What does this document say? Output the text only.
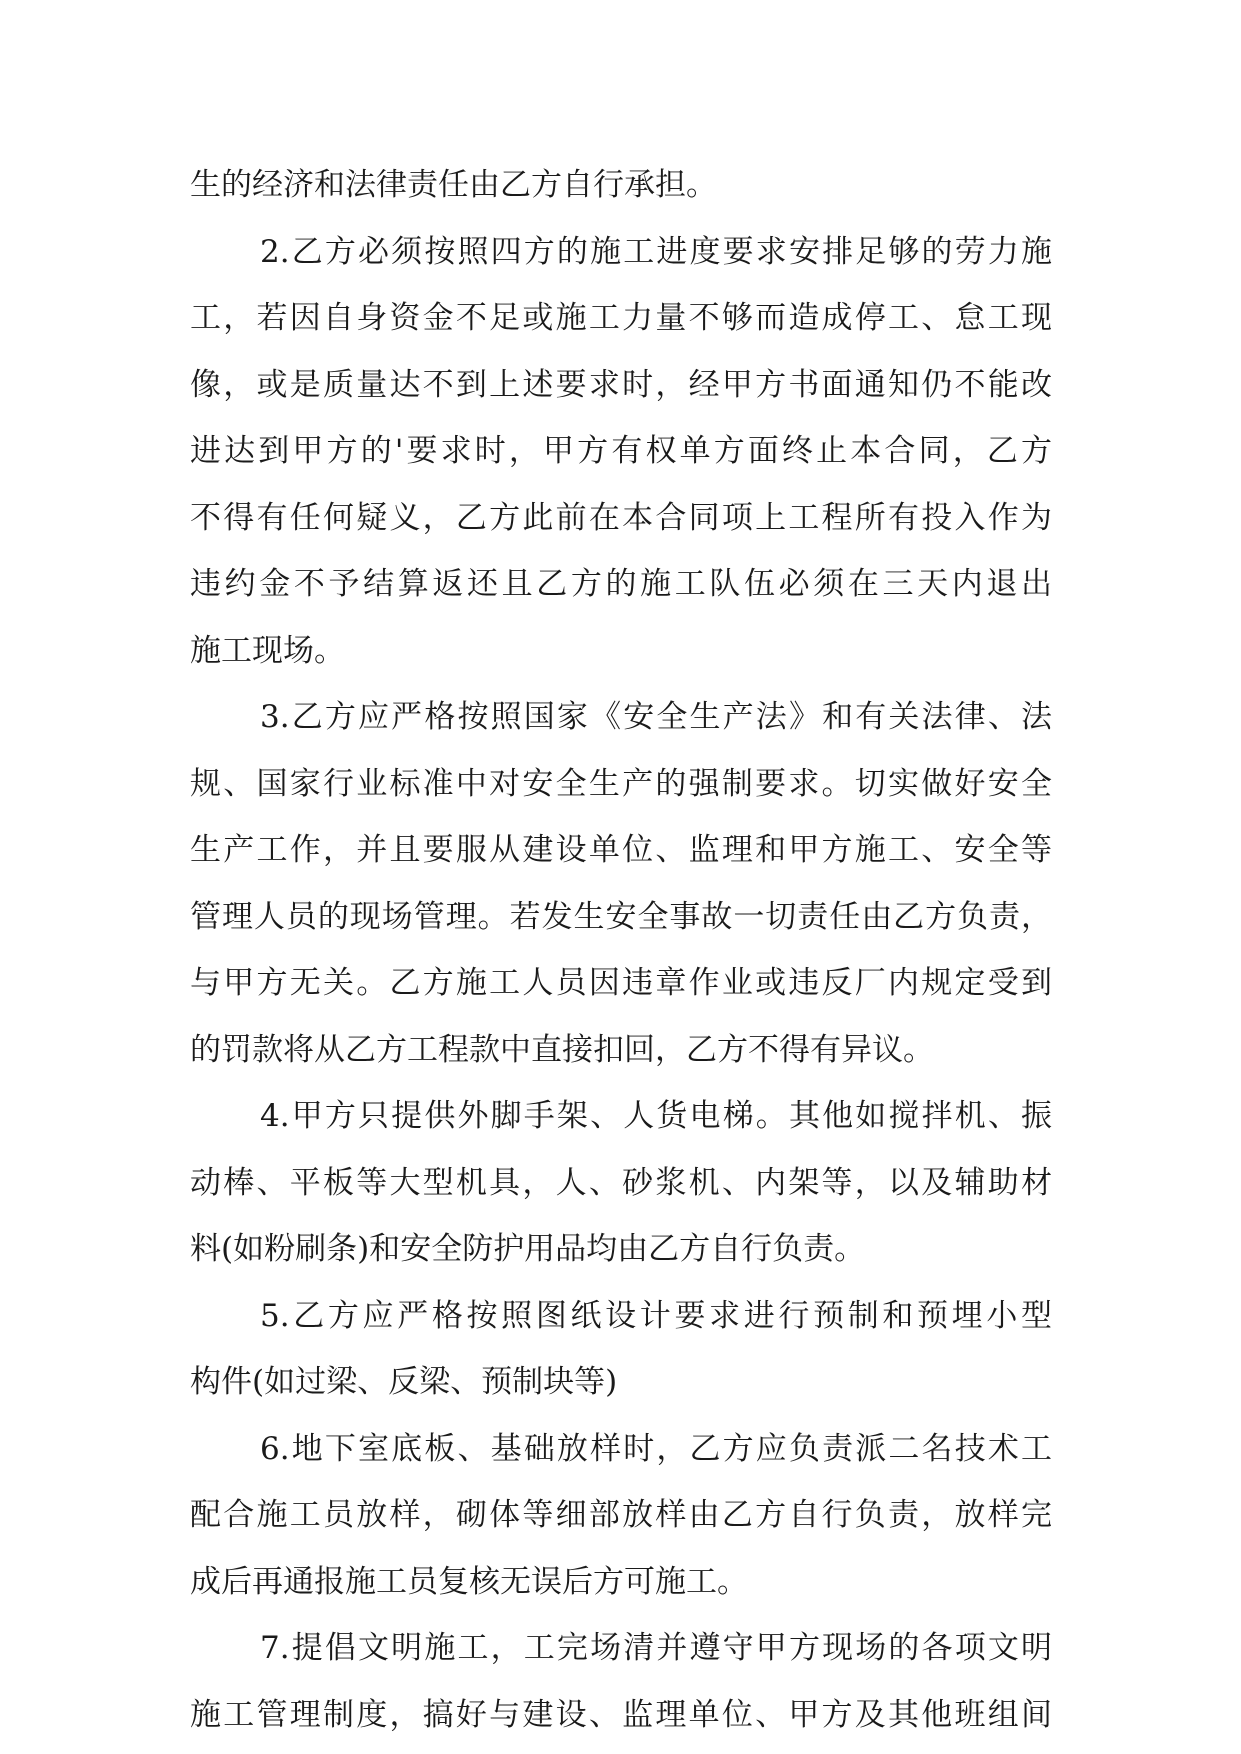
生的经济和法律责任由乙方自行承担。
2.乙方必须按照四方的施工进度要求安排足够的劳力施
工，若因自身资金不足或施工力量不够而造成停工、怠工现
像，或是质量达不到上述要求时，经甲方书面通知仍不能改
进达到甲方的'要求时，甲方有权单方面终止本合同，乙方
不得有任何疑义，乙方此前在本合同项上工程所有投入作为
违约金不予结算返还且乙方的施工队伍必须在三天内退出
施工现场。
3.乙方应严格按照国家《安全生产法》和有关法律、法
规、国家行业标准中对安全生产的强制要求。切实做好安全
生产工作，并且要服从建设单位、监理和甲方施工、安全等
管理人员的现场管理。若发生安全事故一切责任由乙方负责，
与甲方无关。乙方施工人员因违章作业或违反厂内规定受到
的罚款将从乙方工程款中直接扣回，乙方不得有异议。
4.甲方只提供外脚手架、人货电梯。其他如搅拌机、振
动棒、平板等大型机具，人、砂浆机、内架等，以及辅助材
料(如粉刷条)和安全防护用品均由乙方自行负责。
5.乙方应严格按照图纸设计要求进行预制和预埋小型
构件(如过梁、反梁、预制块等)
6.地下室底板、基础放样时，乙方应负责派二名技术工
配合施工员放样，砌体等细部放样由乙方自行负责，放样完
成后再通报施工员复核无误后方可施工。
7.提倡文明施工，工完场清并遵守甲方现场的各项文明
施工管理制度，搞好与建设、监理单位、甲方及其他班组间
